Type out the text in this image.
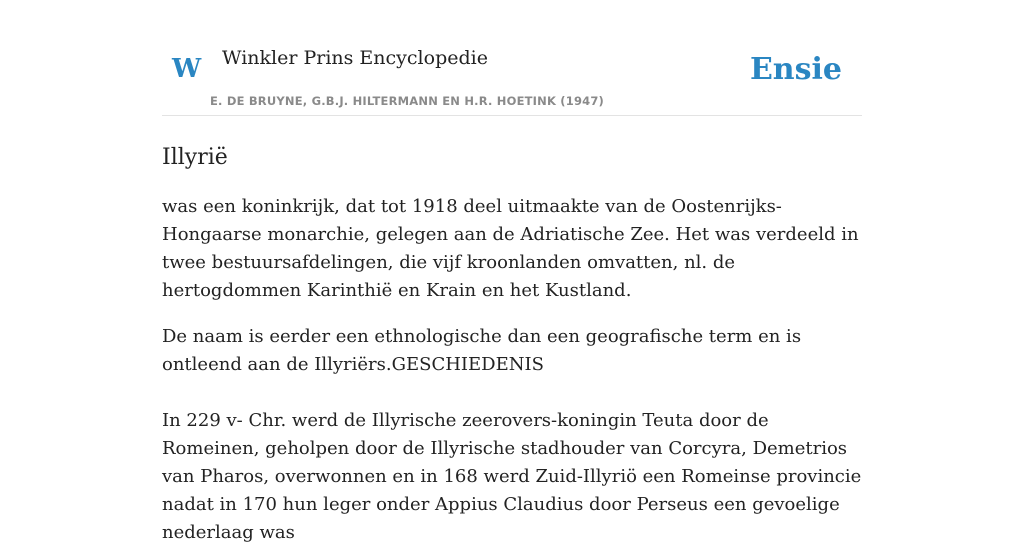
W Winkler Prins Encyclopedie
E. DE BRUYNE, G.B.J. HILTERMANN EN H.R. HOETINK (1947)
Ensie
Illyrië

was een koninkrijk, dat tot 1918 deel uitmaakte van de Oostenrijks-Hongaarse monarchie, gelegen aan de Adriatische Zee. Het was verdeeld in twee bestuursafdelingen, die vijf kroonlanden omvatten, nl. de hertogdommen Karinthië en Krain en het Kustland.

De naam is eerder een ethnologische dan een geografische term en is ontleend aan de Illyriërs.GESCHIEDENIS

In 229 v- Chr. werd de Illyrische zeerovers-koningin Teuta door de Romeinen, geholpen door de Illyrische stadhouder van Corcyra, Demetrios van Pharos, overwonnen en in 168 werd Zuid-Illyriö een Romeinse provincie nadat in 170 hun leger onder Appius Claudius door Perseus een gevoelige nederlaag was
